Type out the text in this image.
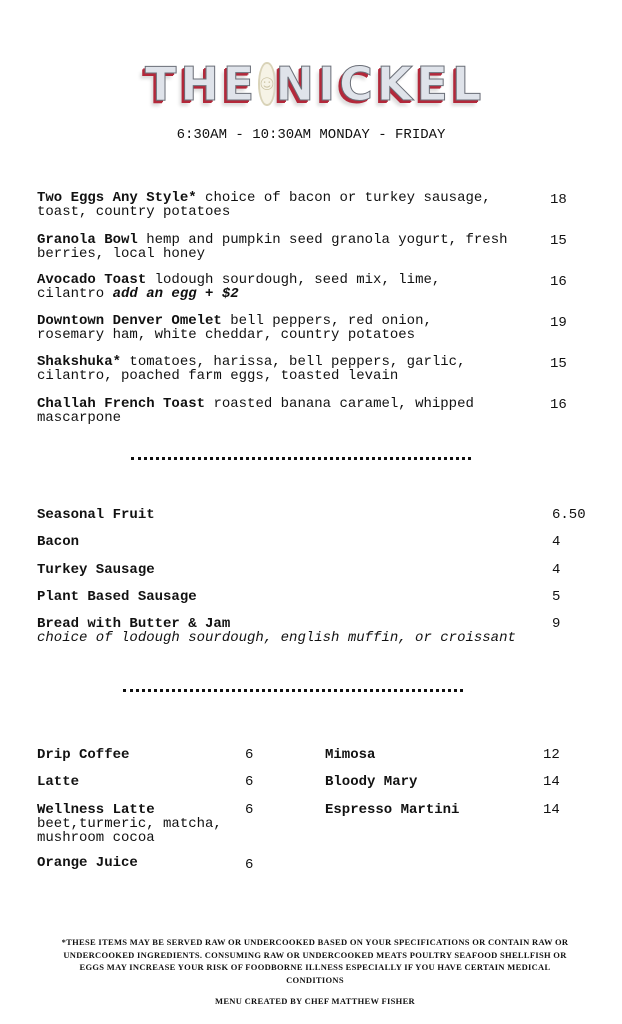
THE ☺ NICKEL
6:30AM - 10:30AM MONDAY - FRIDAY
Two Eggs Any Style* choice of bacon or turkey sausage, toast, country potatoes
18
Granola Bowl hemp and pumpkin seed granola yogurt, fresh berries, local honey
15
Avocado Toast lodough sourdough, seed mix, lime, cilantro add an egg + $2
16
Downtown Denver Omelet bell peppers, red onion, rosemary ham, white cheddar, country potatoes
19
Shakshuka* tomatoes, harissa, bell peppers, garlic, cilantro, poached farm eggs, toasted levain
15
Challah French Toast roasted banana caramel, whipped mascarpone
16
Seasonal Fruit	6.50
Bacon	4
Turkey Sausage	4
Plant Based Sausage	5
Bread with Butter & Jam
choice of lodough sourdough, english muffin, or croissant
9
Drip Coffee	6
Latte	6
Wellness Latte
beet,turmeric, matcha, mushroom cocoa
6
Orange Juice	6
Mimosa	12
Bloody Mary	14
Espresso Martini	14
*THESE ITEMS MAY BE SERVED RAW OR UNDERCOOKED BASED ON YOUR SPECIFICATIONS OR CONTAIN RAW OR UNDERCOOKED INGREDIENTS. CONSUMING RAW OR UNDERCOOKED MEATS POULTRY SEAFOOD SHELLFISH OR EGGS MAY INCREASE YOUR RISK OF FOODBORNE ILLNESS ESPECIALLY IF YOU HAVE CERTAIN MEDICAL CONDITIONS
MENU CREATED BY CHEF MATTHEW FISHER
